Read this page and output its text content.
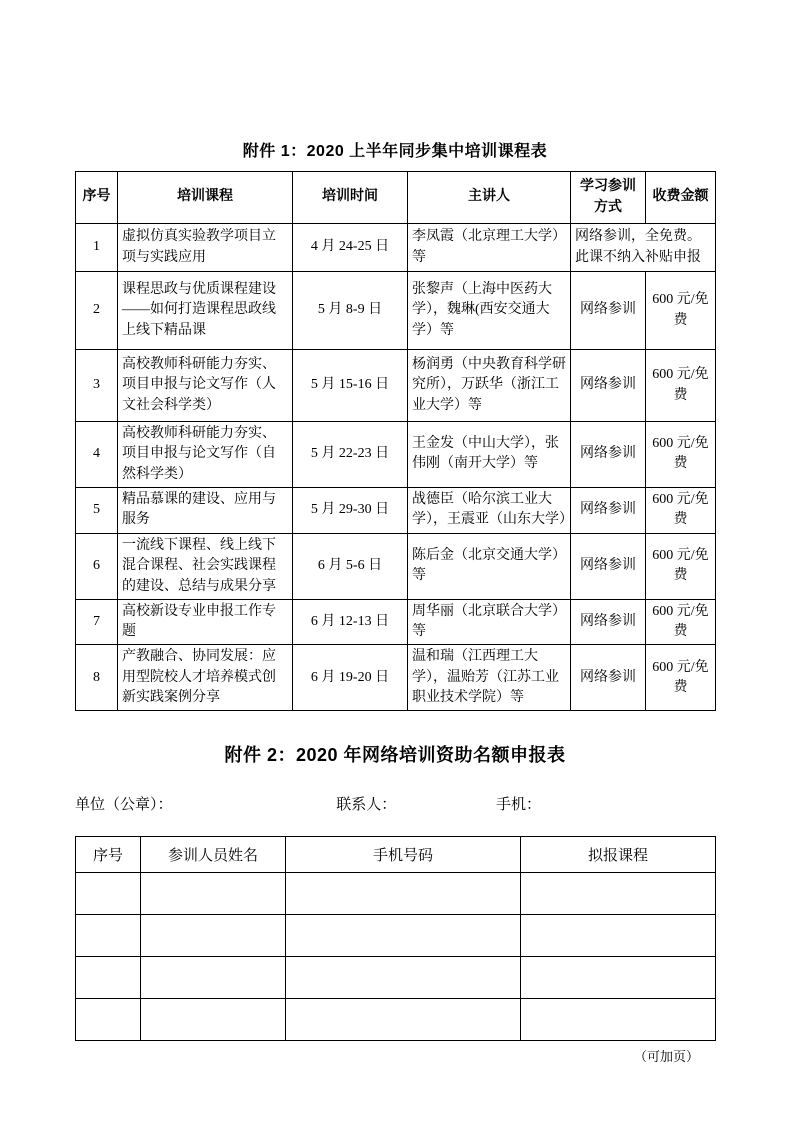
附件 1：2020 上半年同步集中培训课程表
序号	培训课程	培训时间	主讲人	学习参训方式	收费金额
1	虚拟仿真实验教学项目立项与实践应用	4 月 24-25 日	李凤霞（北京理工大学）等	网络参训，全免费。此课不纳入补贴申报	
2	课程思政与优质课程建设——如何打造课程思政线上线下精品课	5 月 8-9 日	张黎声（上海中医药大学），魏琳(西安交通大学）等	网络参训	600 元/免费
3	高校教师科研能力夯实、项目申报与论文写作（人文社会科学类）	5 月 15-16 日	杨润勇（中央教育科学研究所），万跃华（浙江工业大学）等	网络参训	600 元/免费
4	高校教师科研能力夯实、项目申报与论文写作（自然科学类）	5 月 22-23 日	王金发（中山大学），张伟刚（南开大学）等	网络参训	600 元/免费
5	精品慕课的建设、应用与服务	5 月 29-30 日	战德臣（哈尔滨工业大学），王震亚（山东大学）	网络参训	600 元/免费
6	一流线下课程、线上线下混合课程、社会实践课程的建设、总结与成果分享	6 月 5-6 日	陈后金（北京交通大学）等	网络参训	600 元/免费
7	高校新设专业申报工作专题	6 月 12-13 日	周华丽（北京联合大学）等	网络参训	600 元/免费
8	产教融合、协同发展：应用型院校人才培养模式创新实践案例分享	6 月 19-20 日	温和瑞（江西理工大学），温贻芳（江苏工业职业技术学院）等	网络参训	600 元/免费
附件 2：2020 年网络培训资助名额申报表
单位（公章）：	联系人：	手机：
序号	参训人员姓名	手机号码	拟报课程

（可加页）
